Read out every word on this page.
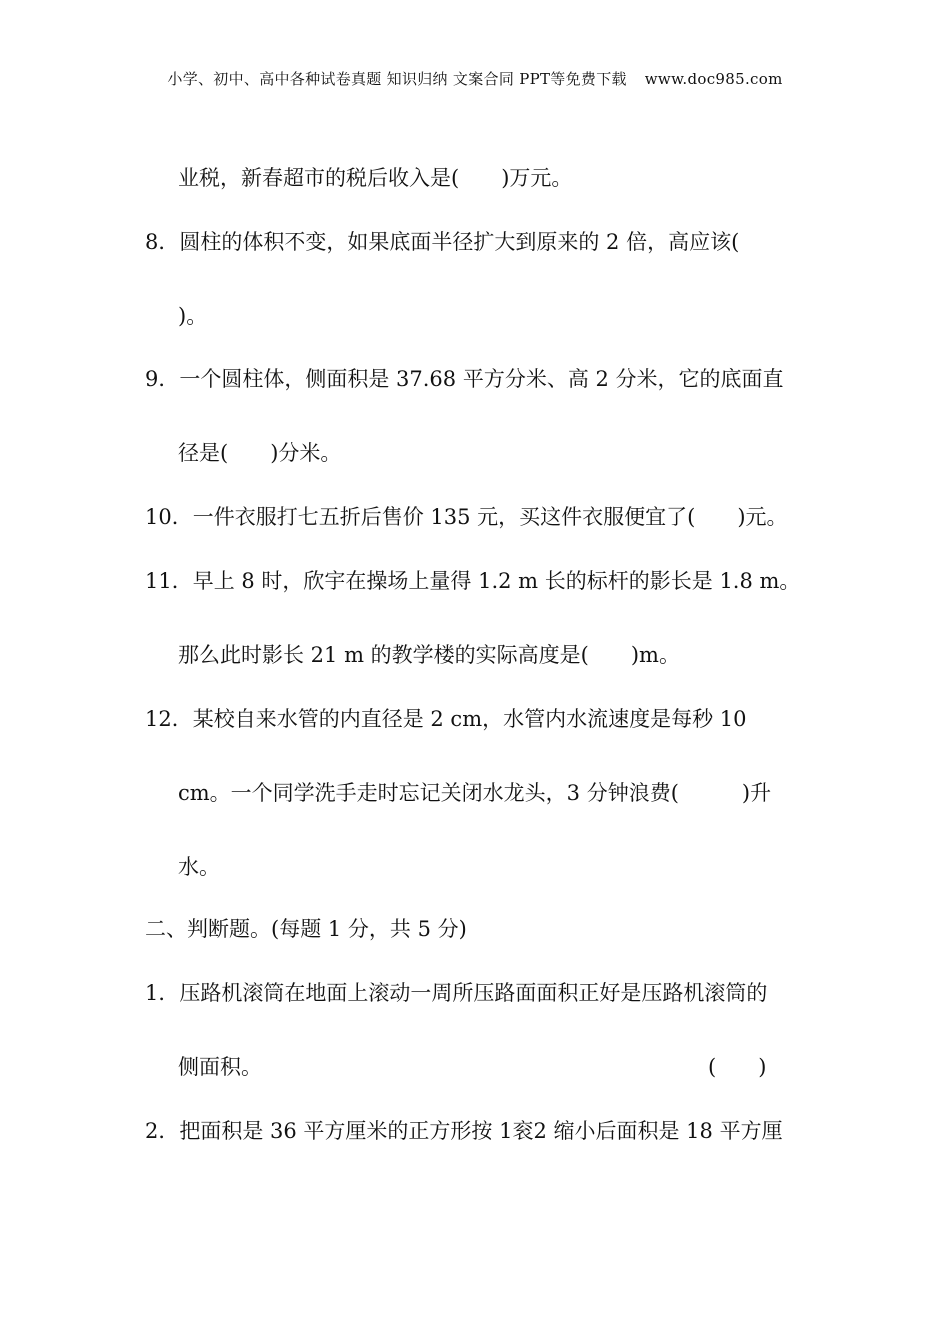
小学、初中、高中各种试卷真题 知识归纳 文案合同 PPT等免费下载 www.doc985.com
业税，新春超市的税后收入是(　　)万元。
8．圆柱的体积不变，如果底面半径扩大到原来的 2 倍，高应该(
)。
9．一个圆柱体，侧面积是 37.68 平方分米、高 2 分米，它的底面直
径是(　　)分米。
10．一件衣服打七五折后售价 135 元，买这件衣服便宜了(　　)元。
11．早上 8 时，欣宇在操场上量得 1.2 m 长的标杆的影长是 1.8 m。
那么此时影长 21 m 的教学楼的实际高度是(　　)m。
12．某校自来水管的内直径是 2 cm，水管内水流速度是每秒 10
cm。一个同学洗手走时忘记关闭水龙头，3 分钟浪费(　　　)升
水。
二、判断题。(每题 1 分，共 5 分)
1．压路机滚筒在地面上滚动一周所压路面面积正好是压路机滚筒的
侧面积。	(　　)
2．把面积是 36 平方厘米的正方形按 1衮2 缩小后面积是 18 平方厘
